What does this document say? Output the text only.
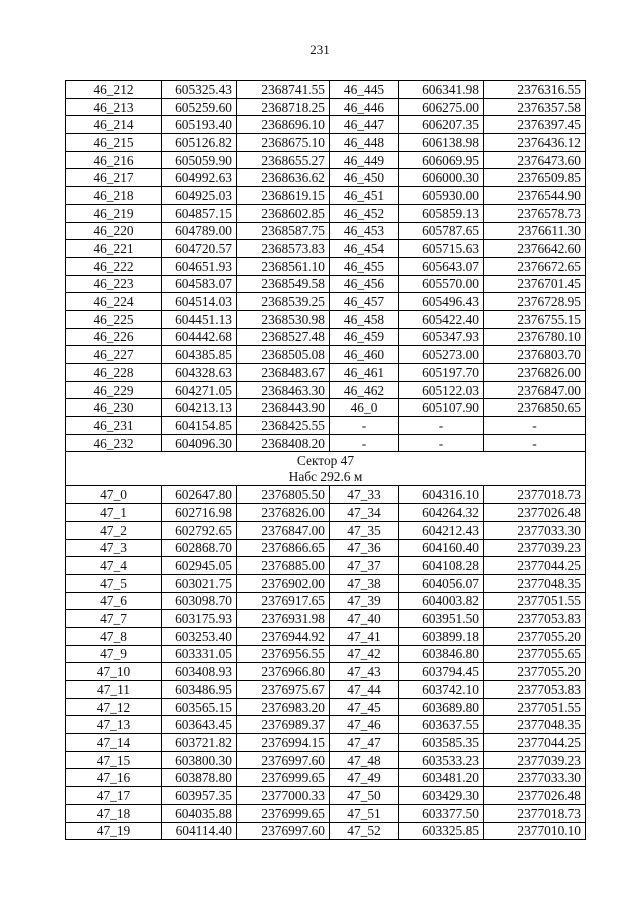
231
46_212	605325.43	2368741.55	46_445	606341.98	2376316.55
46_213	605259.60	2368718.25	46_446	606275.00	2376357.58
46_214	605193.40	2368696.10	46_447	606207.35	2376397.45
46_215	605126.82	2368675.10	46_448	606138.98	2376436.12
46_216	605059.90	2368655.27	46_449	606069.95	2376473.60
46_217	604992.63	2368636.62	46_450	606000.30	2376509.85
46_218	604925.03	2368619.15	46_451	605930.00	2376544.90
46_219	604857.15	2368602.85	46_452	605859.13	2376578.73
46_220	604789.00	2368587.75	46_453	605787.65	2376611.30
46_221	604720.57	2368573.83	46_454	605715.63	2376642.60
46_222	604651.93	2368561.10	46_455	605643.07	2376672.65
46_223	604583.07	2368549.58	46_456	605570.00	2376701.45
46_224	604514.03	2368539.25	46_457	605496.43	2376728.95
46_225	604451.13	2368530.98	46_458	605422.40	2376755.15
46_226	604442.68	2368527.48	46_459	605347.93	2376780.10
46_227	604385.85	2368505.08	46_460	605273.00	2376803.70
46_228	604328.63	2368483.67	46_461	605197.70	2376826.00
46_229	604271.05	2368463.30	46_462	605122.03	2376847.00
46_230	604213.13	2368443.90	46_0	605107.90	2376850.65
46_231	604154.85	2368425.55	-	-	-
46_232	604096.30	2368408.20	-	-	-

Сектор 47
Набс 292.6 м					

47_0	602647.80	2376805.50	47_33	604316.10	2377018.73
47_1	602716.98	2376826.00	47_34	604264.32	2377026.48
47_2	602792.65	2376847.00	47_35	604212.43	2377033.30
47_3	602868.70	2376866.65	47_36	604160.40	2377039.23
47_4	602945.05	2376885.00	47_37	604108.28	2377044.25
47_5	603021.75	2376902.00	47_38	604056.07	2377048.35
47_6	603098.70	2376917.65	47_39	604003.82	2377051.55
47_7	603175.93	2376931.98	47_40	603951.50	2377053.83
47_8	603253.40	2376944.92	47_41	603899.18	2377055.20
47_9	603331.05	2376956.55	47_42	603846.80	2377055.65
47_10	603408.93	2376966.80	47_43	603794.45	2377055.20
47_11	603486.95	2376975.67	47_44	603742.10	2377053.83
47_12	603565.15	2376983.20	47_45	603689.80	2377051.55
47_13	603643.45	2376989.37	47_46	603637.55	2377048.35
47_14	603721.82	2376994.15	47_47	603585.35	2377044.25
47_15	603800.30	2376997.60	47_48	603533.23	2377039.23
47_16	603878.80	2376999.65	47_49	603481.20	2377033.30
47_17	603957.35	2377000.33	47_50	603429.30	2377026.48
47_18	604035.88	2376999.65	47_51	603377.50	2377018.73
47_19	604114.40	2376997.60	47_52	603325.85	2377010.10
